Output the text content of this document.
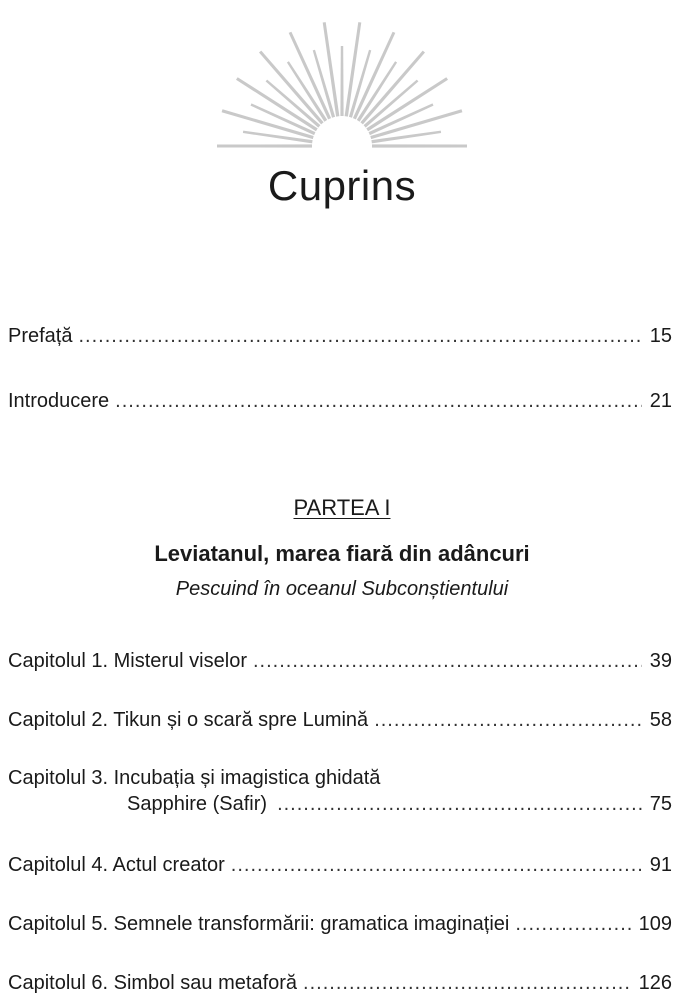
Cuprins
Prefață .....	15
Introducere .....	21
PARTEA I
Leviatanul, marea fiară din adâncuri
Pescuind în oceanul Subconștientului
Capitolul 1. Misterul viselor .....	39
Capitolul 2. Tikun și o scară spre Lumină .....	58
Capitolul 3. Incubația și imagistica ghidată
Sapphire (Safir) .....	75
Capitolul 4. Actul creator .....	91
Capitolul 5. Semnele transformării: gramatica imaginației .....	109
Capitolul 6. Simbol sau metaforă .....	126
